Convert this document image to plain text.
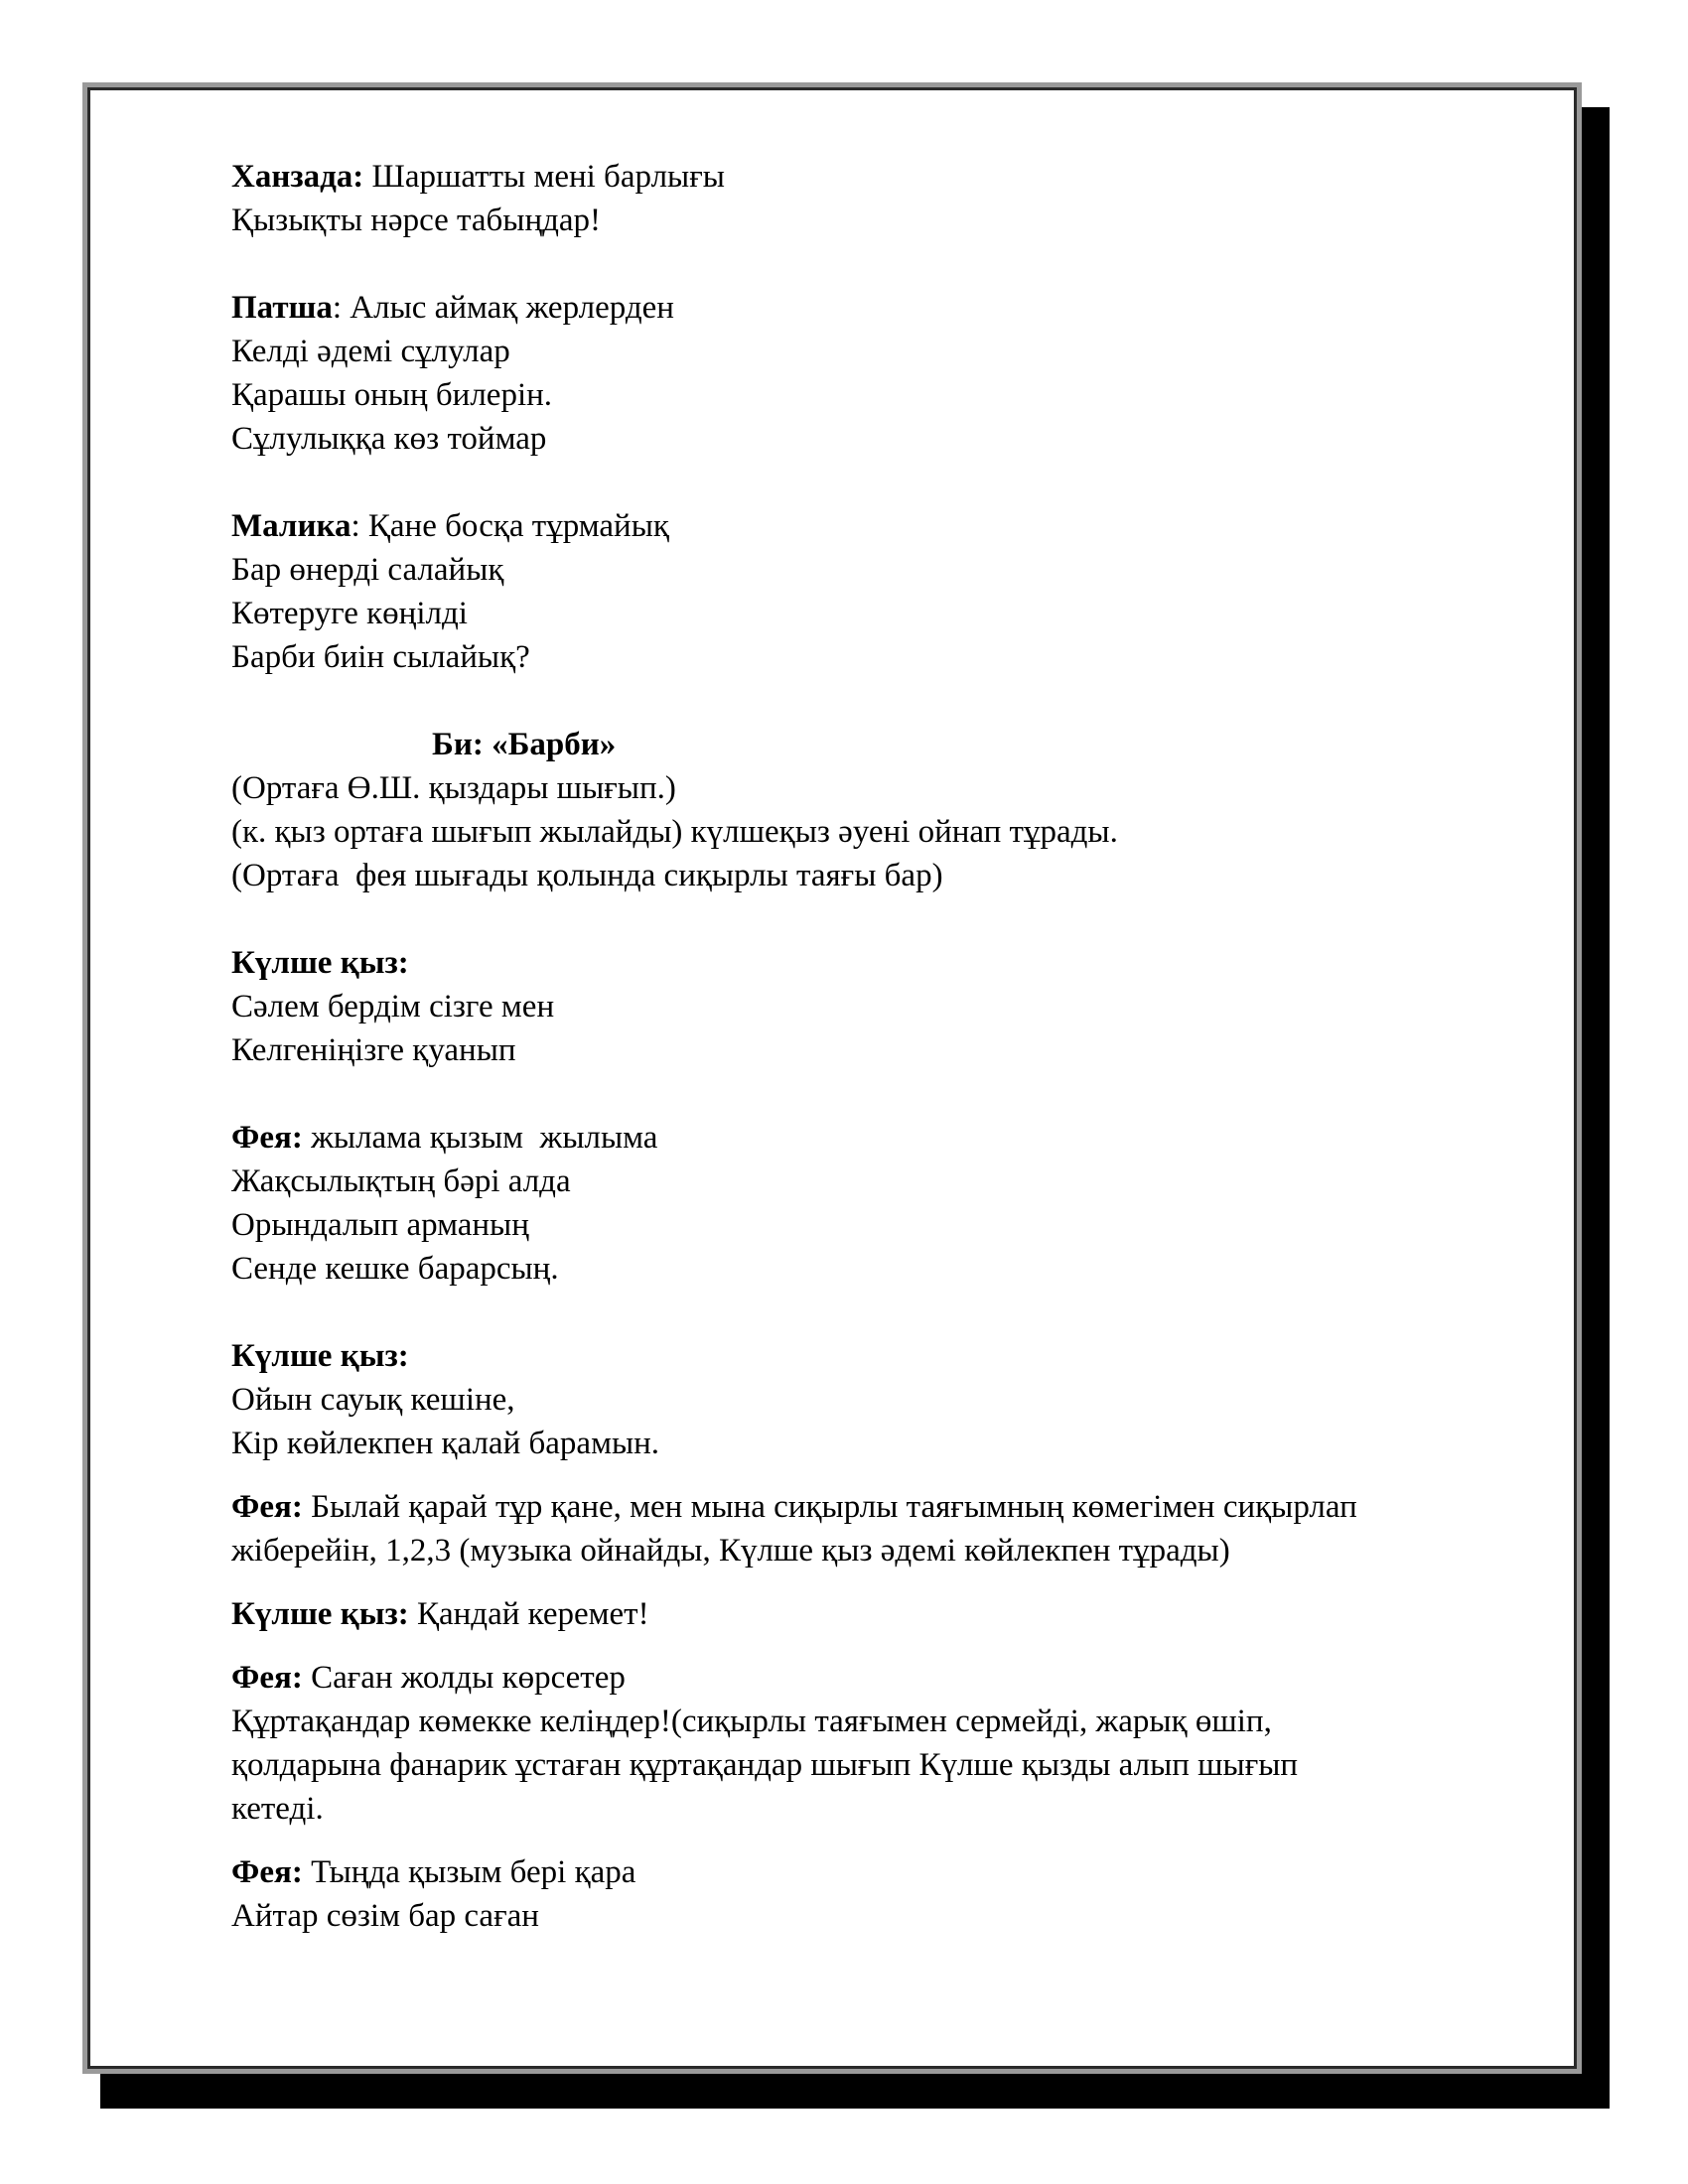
Ханзада: Шаршатты мені барлығы
Қызықты нәрсе табыңдар!
Патша: Алыс аймақ жерлерден
Келді әдемі сұлулар
Қарашы оның билерін.
Сұлулыққа көз тоймар
Малика: Қане босқа тұрмайық
Бар өнерді салайық
Көтеруге көңілді
Барби биін сылайық?
Би: «Барби»
(Ортаға Ө.Ш. қыздары шығып.)
(к. қыз ортаға шығып жылайды) күлшеқыз әуені ойнап тұрады.
(Ортаға  фея шығады қолында сиқырлы таяғы бар)
Күлше қыз:
Сәлем бердім сізге мен
Келгеніңізге қуанып
Фея: жылама қызым  жылыма
Жақсылықтың бәрі алда
Орындалып арманың
Сенде кешке барарсың.
Күлше қыз:
Ойын сауық кешіне,
Кір көйлекпен қалай барамын.
Фея: Былай қарай тұр қане, мен мына сиқырлы таяғымның көмегімен сиқырлап
жіберейін, 1,2,3 (музыка ойнайды, Күлше қыз әдемі көйлекпен тұрады)
Күлше қыз: Қандай керемет!
Фея: Саған жолды көрсетер
Құртақандар көмекке келіңдер!(сиқырлы таяғымен сермейді, жарық өшіп,
қолдарына фанарик ұстаған құртақандар шығып Күлше қызды алып шығып
кетеді.
Фея: Тыңда қызым бері қара
Айтар сөзім бар саған
